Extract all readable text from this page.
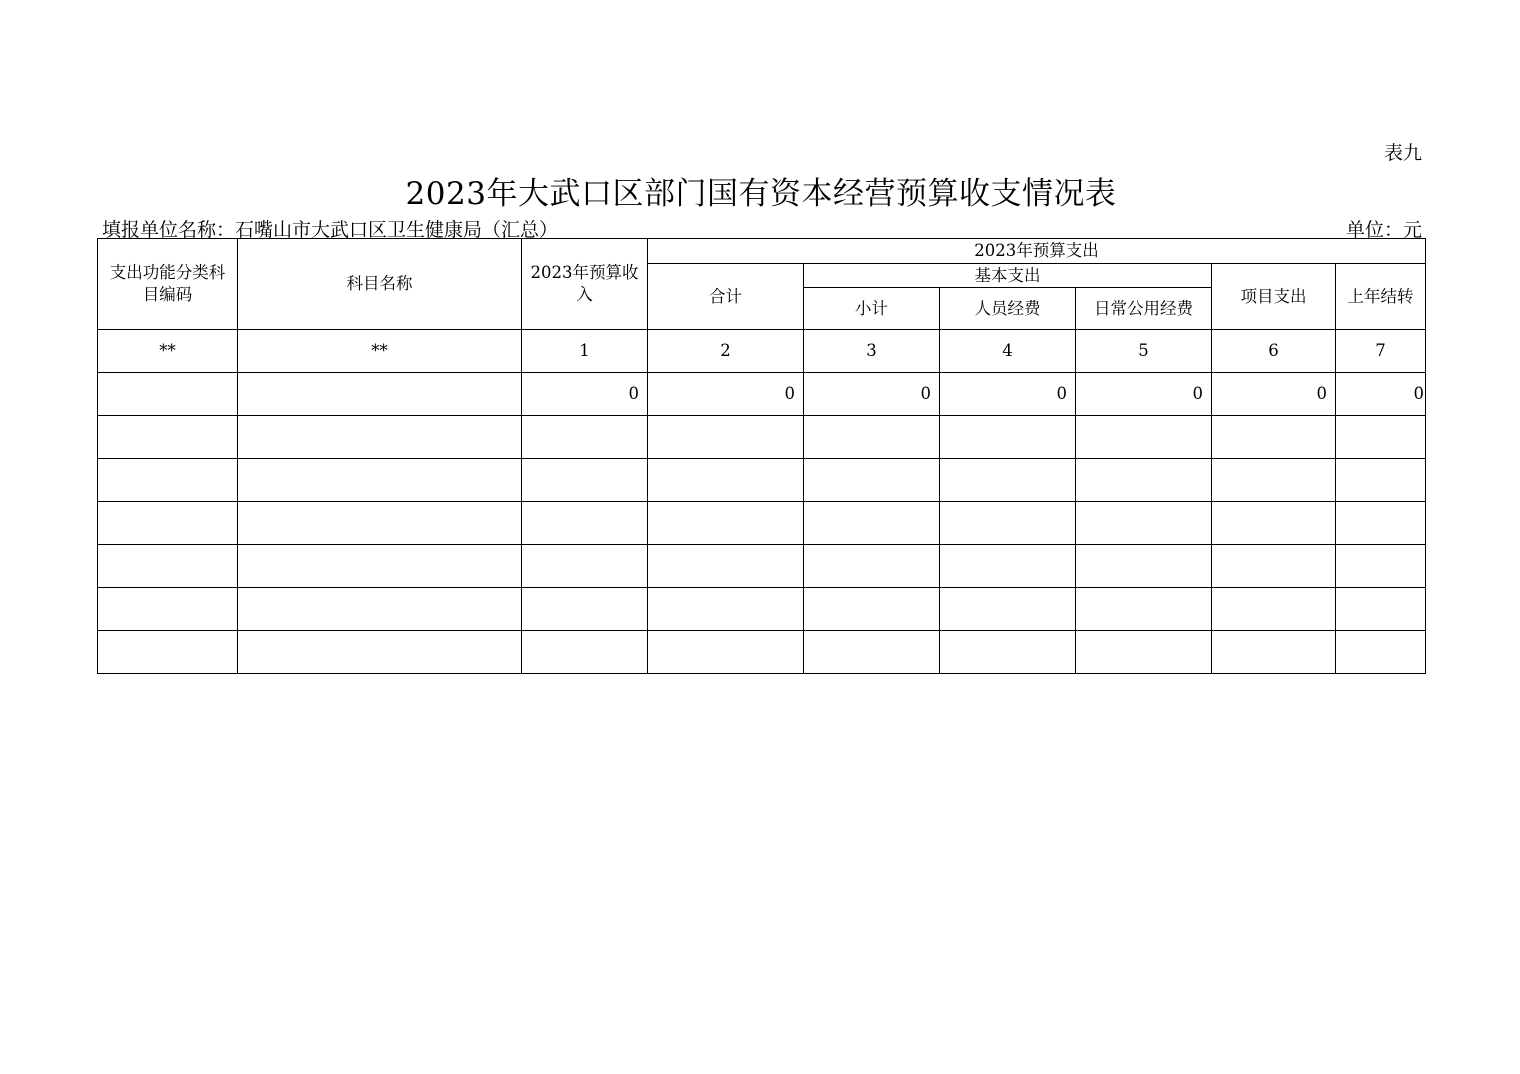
表九
2023年大武口区部门国有资本经营预算收支情况表
填报单位名称：石嘴山市大武口区卫生健康局（汇总）	单位：元
支出功能分类科目编码	科目名称	2023年预算收入	2023年预算支出					
			合计	基本支出			项目支出	上年结转
				小计	人员经费	日常公用经费		
**	**	1	2	3	4	5	6	7
		0	0	0	0	0	0	0
